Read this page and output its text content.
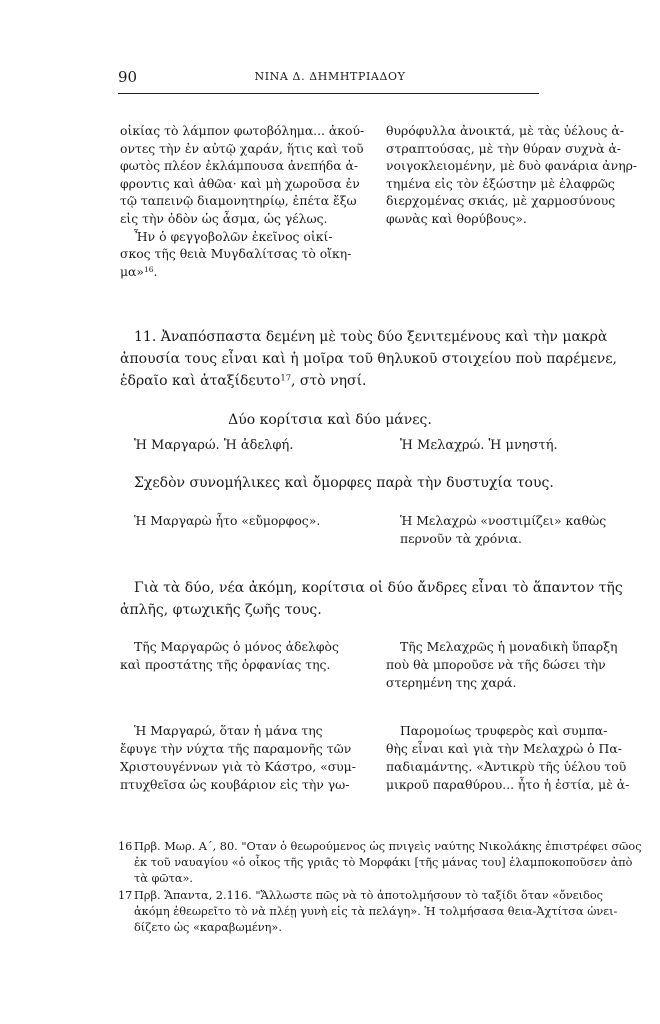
90	ΝΙΝΑ Δ. ΔΗΜΗΤΡΙΑΔΟΥ
οἰκίας τὸ λάμπον φωτοβόλημα... ἀκού-
οντες τὴν ἐν αὐτῷ χαράν, ἥτις καὶ τοῦ
φωτὸς πλέον ἐκλάμπουσα ἀνεπήδα ἀ-
φροντις καὶ ἀθῶα· καὶ μὴ χωροῦσα ἐν
τῷ ταπεινῷ διαμονητηρίῳ, ἐπέτα ἔξω
εἰς τὴν ὁδὸν ὡς ἆσμα, ὡς γέλως.
Ἦν ὁ φεγγοβολῶν ἐκεῖνος οἰκί-
σκος τῆς θειὰ Μυγδαλίτσας τὸ οἴκη-
μα»$^{16}$.
θυρόφυλλα ἀνοικτά, μὲ τὰς ὑέλους ἀ-
στραπτούσας, μὲ τὴν θύραν συχνὰ ἀ-
νοιγοκλειομένην, μὲ δυὸ φανάρια ἀνηρ-
τημένα εἰς τὸν ἐξώστην μὲ ἐλαφρῶς
διερχομένας σκιάς, μὲ χαρμοσύνους
φωνὰς καὶ θορύβους».
11. Ἀναπόσπαστα δεμένη μὲ τοὺς δύο ξενιτεμένους καὶ τὴν μακρὰ
ἀπουσία τους εἶναι καὶ ἡ μοῖρα τοῦ θηλυκοῦ στοιχείου ποὺ παρέμενε,
ἑδραῖο καὶ ἀταξίδευτο$^{17}$, στὸ νησί.
Δύο κορίτσια καὶ δύο μάνες.
Ἡ Μαργαρώ. Ἡ ἀδελφή.	Ἡ Μελαχρώ. Ἡ μνηστή.
Σχεδὸν συνομήλικες καὶ ὄμορφες παρὰ τὴν δυστυχία τους.
Ἡ Μαργαρὼ ἦτο «εὔμορφος».	Ἡ Μελαχρὼ «νοστιμίζει» καθὼς
περνοῦν τὰ χρόνια.
Γιὰ τὰ δύο, νέα ἀκόμη, κορίτσια οἱ δύο ἄνδρες εἶναι τὸ ἅπαντον τῆς
ἀπλῆς, φτωχικῆς ζωῆς τους.
Τῆς Μαργαρῶς ὁ μόνος ἀδελφὸς
καὶ προστάτης τῆς ὀρφανίας της.
Τῆς Μελαχρῶς ἡ μοναδικὴ ὕπαρξη
ποὺ θὰ μποροῦσε νὰ τῆς δώσει τὴν
στερημένη της χαρά.
Ἡ Μαργαρώ, ὅταν ἡ μάνα της
ἔφυγε τὴν νύχτα τῆς παραμονῆς τῶν
Χριστουγέννων γιὰ τὸ Κάστρο, «συμ-
πτυχθεῖσα ὡς κουβάριον εἰς τὴν γω-
Παρομοίως τρυφερὸς καὶ συμπα-
θὴς εἶναι καὶ γιὰ τὴν Μελαχρὼ ὁ Πα-
παδιαμάντης. «Ἀντικρὺ τῆς ὑέλου τοῦ
μικροῦ παραθύρου... ἦτο ἡ ἑστία, μὲ ἀ-
16 Πρβ. Μωρ. Α΄, 80. "Οταν ὁ θεωρούμενος ὡς πνιγεὶς ναύτης Νικολάκης ἐπιστρέφει σῶος
ἐκ τοῦ ναυαγίου «ὁ οἶκος τῆς γριᾶς τὸ Μορφάκι [τῆς μάνας του] ἐλαμποκοποῦσεν ἀπὸ
τὰ φῶτα».
17 Πρβ. Ἅπαντα, 2.116. "Ἄλλωστε πῶς νὰ τὸ ἀποτολμήσουν τὸ ταξίδι ὅταν «ὄνειδος
ἀκόμη ἐθεωρεῖτο τὸ νὰ πλέῃ γυνὴ εἰς τὰ πελάγη». Ἡ τολμήσασα θεια-Ἀχτίτσα ὠνει-
δίζετο ὡς «καραβωμένη».
